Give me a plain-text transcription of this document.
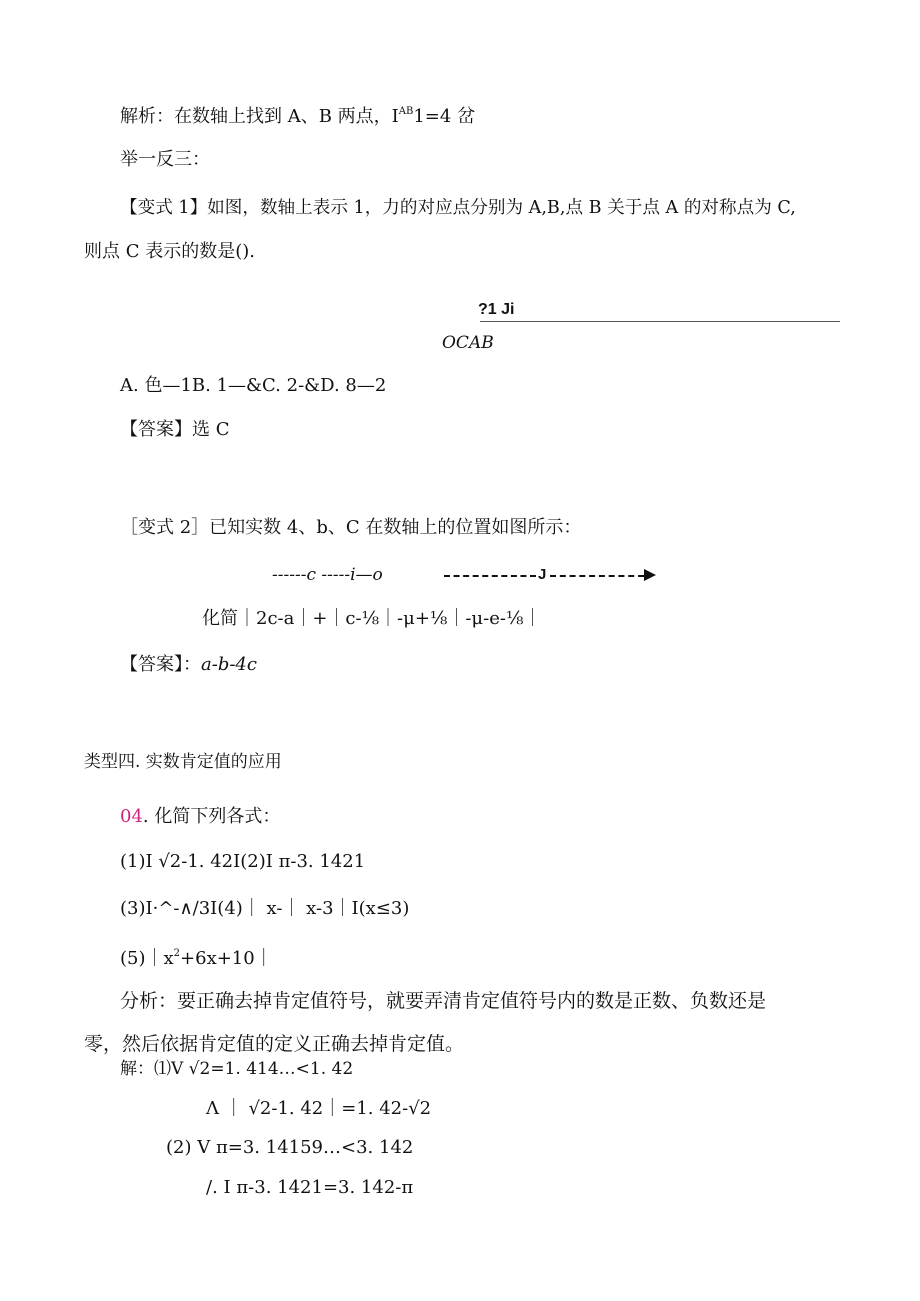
解析：在数轴上找到 A、B 两点，$I^{AB}1=4$ 岔
举一反三：
【变式 1】如图，数轴上表示 1，力的对应点分别为 A,B,点 B 关于点 A 的对称点为 C,
则点 C 表示的数是().
?1 Ji
OCAB
A. 色—1B. 1—&C. 2-&D. 8—2
【答案】选 C
［变式 2］已知实数 4、b、C 在数轴上的位置如图所示：
------c -----i—o	J
化简｜2c-a｜+｜c-⅛｜-μ+⅛｜-μ-e-⅛｜
【答案】：a-b-4c
类型四. 实数肯定值的应用
04. 化简下列各式：
(1)I √2-1. 42I(2)I π-3. 1421
(3)I·^-∧∕3I(4)｜ x-｜ x-3｜I(x≤3)
$(5)|x^2+6x+10|$
分析：要正确去掉肯定值符号，就要弄清肯定值符号内的数是正数、负数还是
零，然后依据肯定值的定义正确去掉肯定值。
解：⑴V √2=1. 414…<1. 42
Λ ｜ √2-1. 42｜=1. 42-√2
(2) V π=3. 14159…<3. 142
/. I π-3. 1421=3. 142-π
